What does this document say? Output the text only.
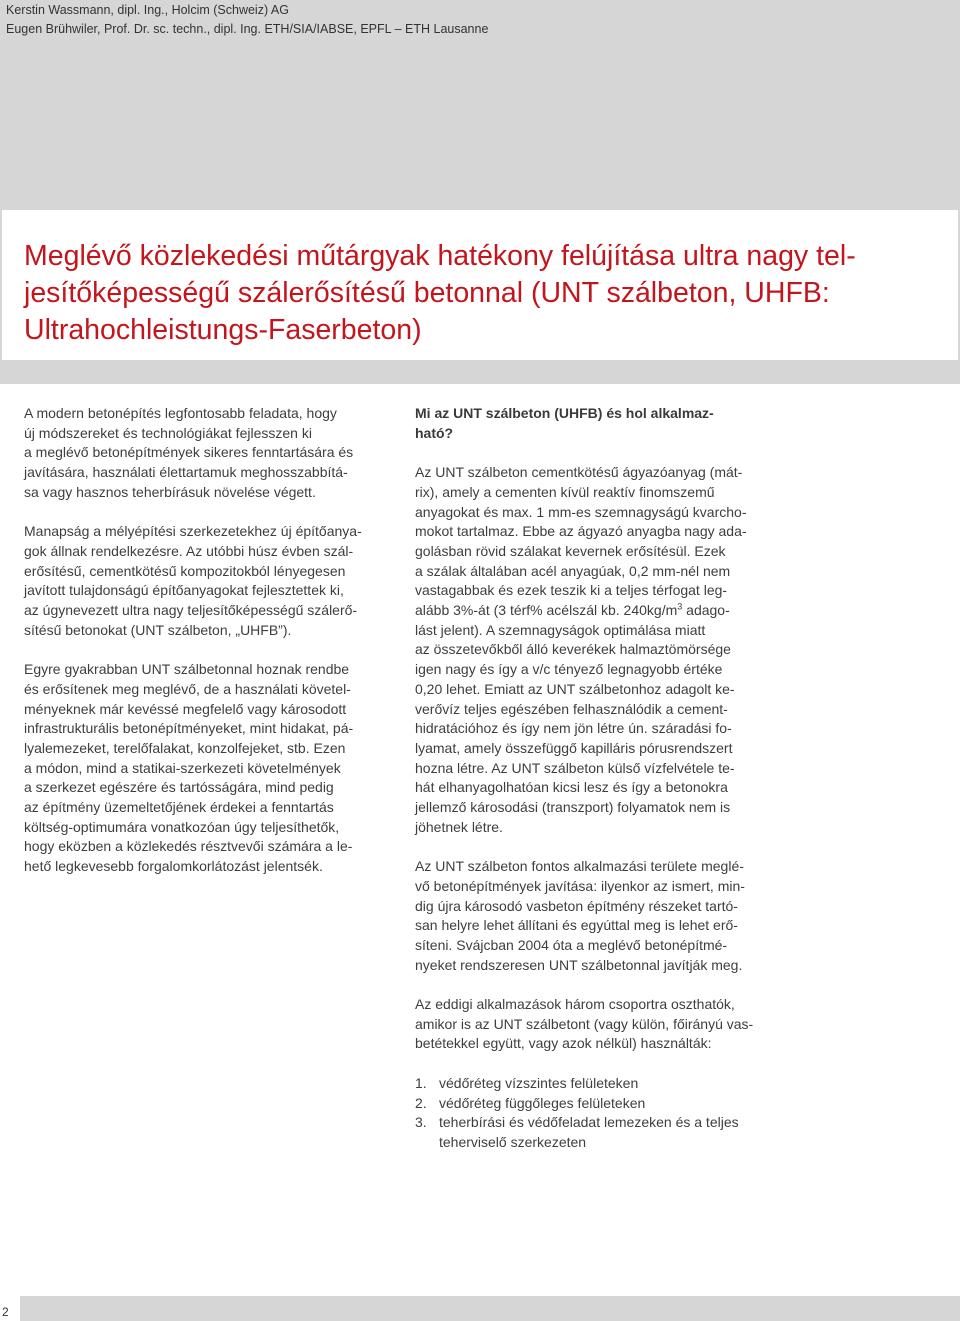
Kerstin Wassmann, dipl. Ing., Holcim (Schweiz) AG
Eugen Brühwiler, Prof. Dr. sc. techn., dipl. Ing. ETH/SIA/IABSE, EPFL – ETH Lausanne
Meglévő közlekedési műtárgyak hatékony felújítása ultra nagy tel-
jesítőképességű szálerősítésű betonnal (UNT szálbeton, UHFB:
Ultrahochleistungs-Faserbeton)

A modern betonépítés legfontosabb feladata, hogy
új módszereket és technológiákat fejlesszen ki
a meglévő betonépítmények sikeres fenntartására és
javítására, használati élettartamuk meghosszabbítá-
sa vagy hasznos teherbírásuk növelése végett.

Manapság a mélyépítési szerkezetekhez új építőanya-
gok állnak rendelkezésre. Az utóbbi húsz évben szál-
erősítésű, cementkötésű kompozitokból lényegesen
javított tulajdonságú építőanyagokat fejlesztettek ki,
az úgynevezett ultra nagy teljesítőképességű szálerő-
sítésű betonokat (UNT szálbeton, „UHFB”).

Egyre gyakrabban UNT szálbetonnal hoznak rendbe
és erősítenek meg meglévő, de a használati követel-
ményeknek már kevéssé megfelelő vagy károsodott
infrastrukturális betonépítményeket, mint hidakat, pá-
lyalemezeket, terelőfalakat, konzolfejeket, stb. Ezen
a módon, mind a statikai-szerkezeti követelmények
a szerkezet egészére és tartósságára, mind pedig
az építmény üzemeltetőjének érdekei a fenntartás
költség-optimumára vonatkozóan úgy teljesíthetők,
hogy eközben a közlekedés résztvevői számára a le-
hető legkevesebb forgalomkorlátozást jelentsék.

Mi az UNT szálbeton (UHFB) és hol alkalmaz-
ható?

Az UNT szálbeton cementkötésű ágyazóanyag (mát-
rix), amely a cementen kívül reaktív finomszemű
anyagokat és max. 1 mm-es szemnagyságú kvarcho-
mokot tartalmaz. Ebbe az ágyazó anyagba nagy ada-
golásban rövid szálakat kevernek erősítésül. Ezek
a szálak általában acél anyagúak, 0,2 mm-nél nem
vastagabbak és ezek teszik ki a teljes térfogat leg-
alább 3%-át (3 térf% acélszál kb. $240kg/m^3$ adago-
lást jelent). A szemnagyságok optimálása miatt
az összetevőkből álló keverékek halmaztömörsége
igen nagy és így a v/c tényező legnagyobb értéke
0,20 lehet. Emiatt az UNT szálbetonhoz adagolt ke-
verővíz teljes egészében felhasználódik a cement-
hidratációhoz és így nem jön létre ún. száradási fo-
lyamat, amely összefüggő kapilláris pórusrendszert
hozna létre. Az UNT szálbeton külső vízfelvétele te-
hát elhanyagolhatóan kicsi lesz és így a betonokra
jellemző károsodási (transzport) folyamatok nem is
jöhetnek létre.

Az UNT szálbeton fontos alkalmazási területe meglé-
vő betonépítmények javítása: ilyenkor az ismert, min-
dig újra károsodó vasbeton építmény részeket tartó-
san helyre lehet állítani és egyúttal meg is lehet erő-
síteni. Svájcban 2004 óta a meglévő betonépítmé-
nyeket rendszeresen UNT szálbetonnal javítják meg.

Az eddigi alkalmazások három csoportra oszthatók,
amikor is az UNT szálbetont (vagy külön, főirányú vas-
betétekkel együtt, vagy azok nélkül) használták:

1. védőréteg vízszintes felületeken
2. védőréteg függőleges felületeken
3. teherbírási és védőfeladat lemezeken és a teljes
teherviselő szerkezeten
2
